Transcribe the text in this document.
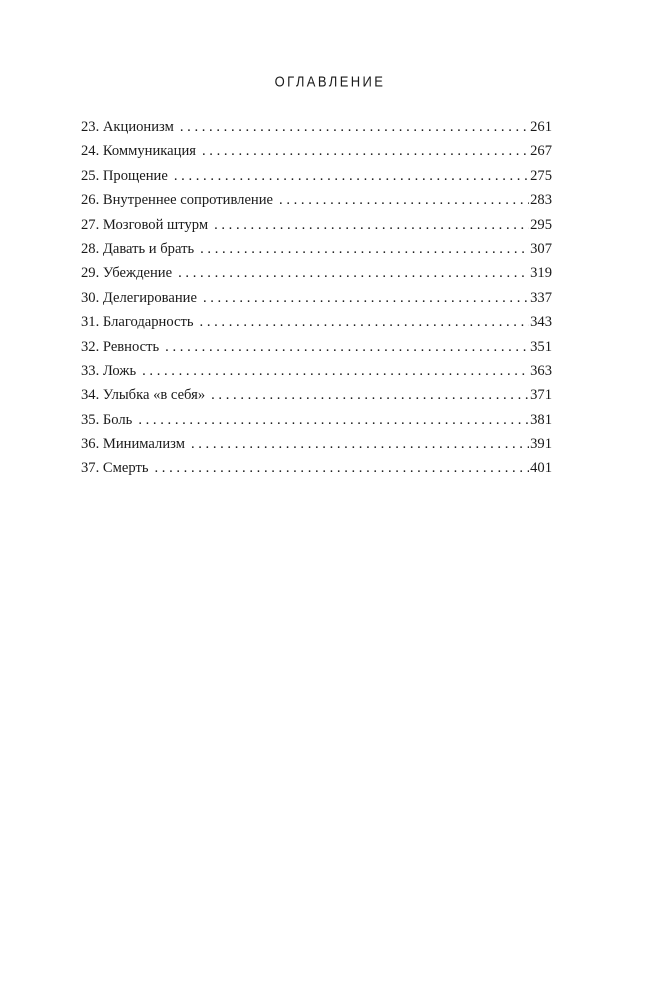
ОГЛАВЛЕНИЕ
23. Акционизм . . .	261
24. Коммуникация . . .	267
25. Прощение . . .	275
26. Внутреннее сопротивление . . .	283
27. Мозговой штурм . . .	295
28. Давать и брать . . .	307
29. Убеждение . . .	319
30. Делегирование . . .	337
31. Благодарность . . .	343
32. Ревность . . .	351
33. Ложь . . .	363
34. Улыбка «в себя» . . .	371
35. Боль . . .	381
36. Минимализм . . .	391
37. Смерть . . .	401
